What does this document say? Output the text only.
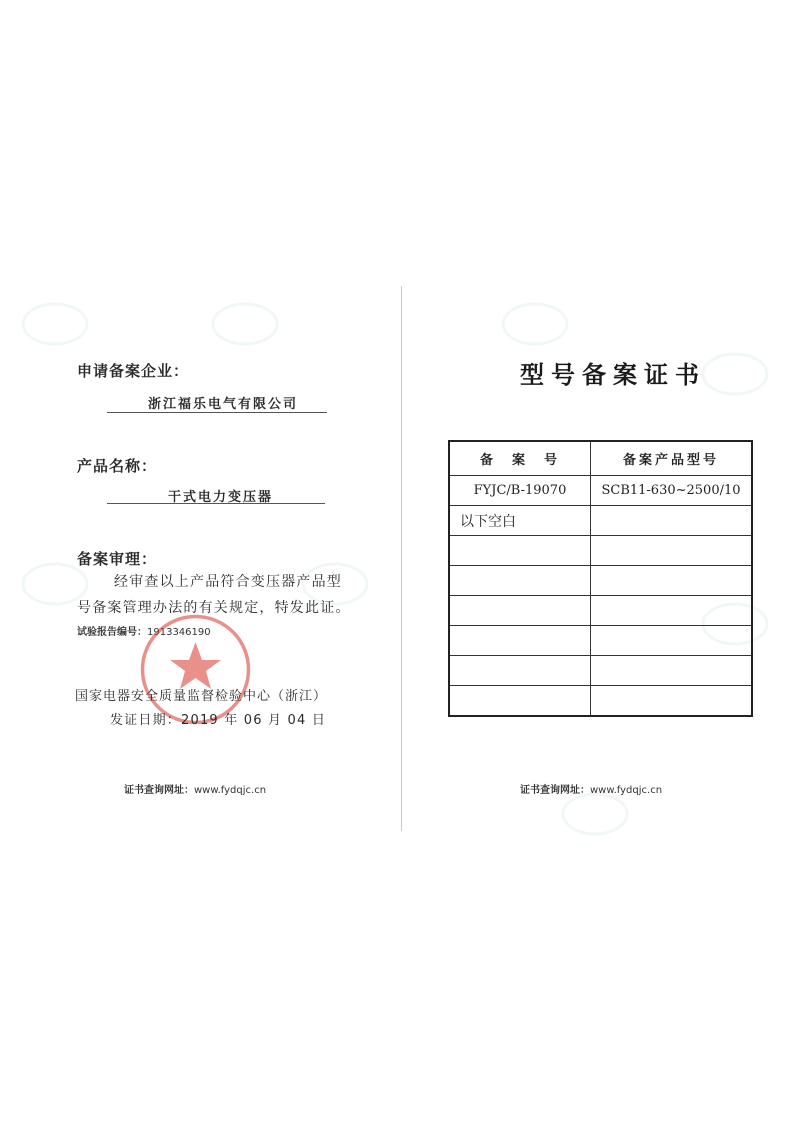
申请备案企业：
浙江福乐电气有限公司
产品名称：
干式电力变压器
备案审理：
经审查以上产品符合变压器产品型
号备案管理办法的有关规定，特发此证。
试验报告编号：1913346190
国家电器安全质量监督检验中心（浙江）
发证日期：2019 年 06 月 04 日
证书查询网址：www.fydqjc.cn
型号备案证书
备　案　号	备案产品型号
FYJC/B-19070	SCB11-630~2500/10
以下空白	

证书查询网址：www.fydqjc.cn
